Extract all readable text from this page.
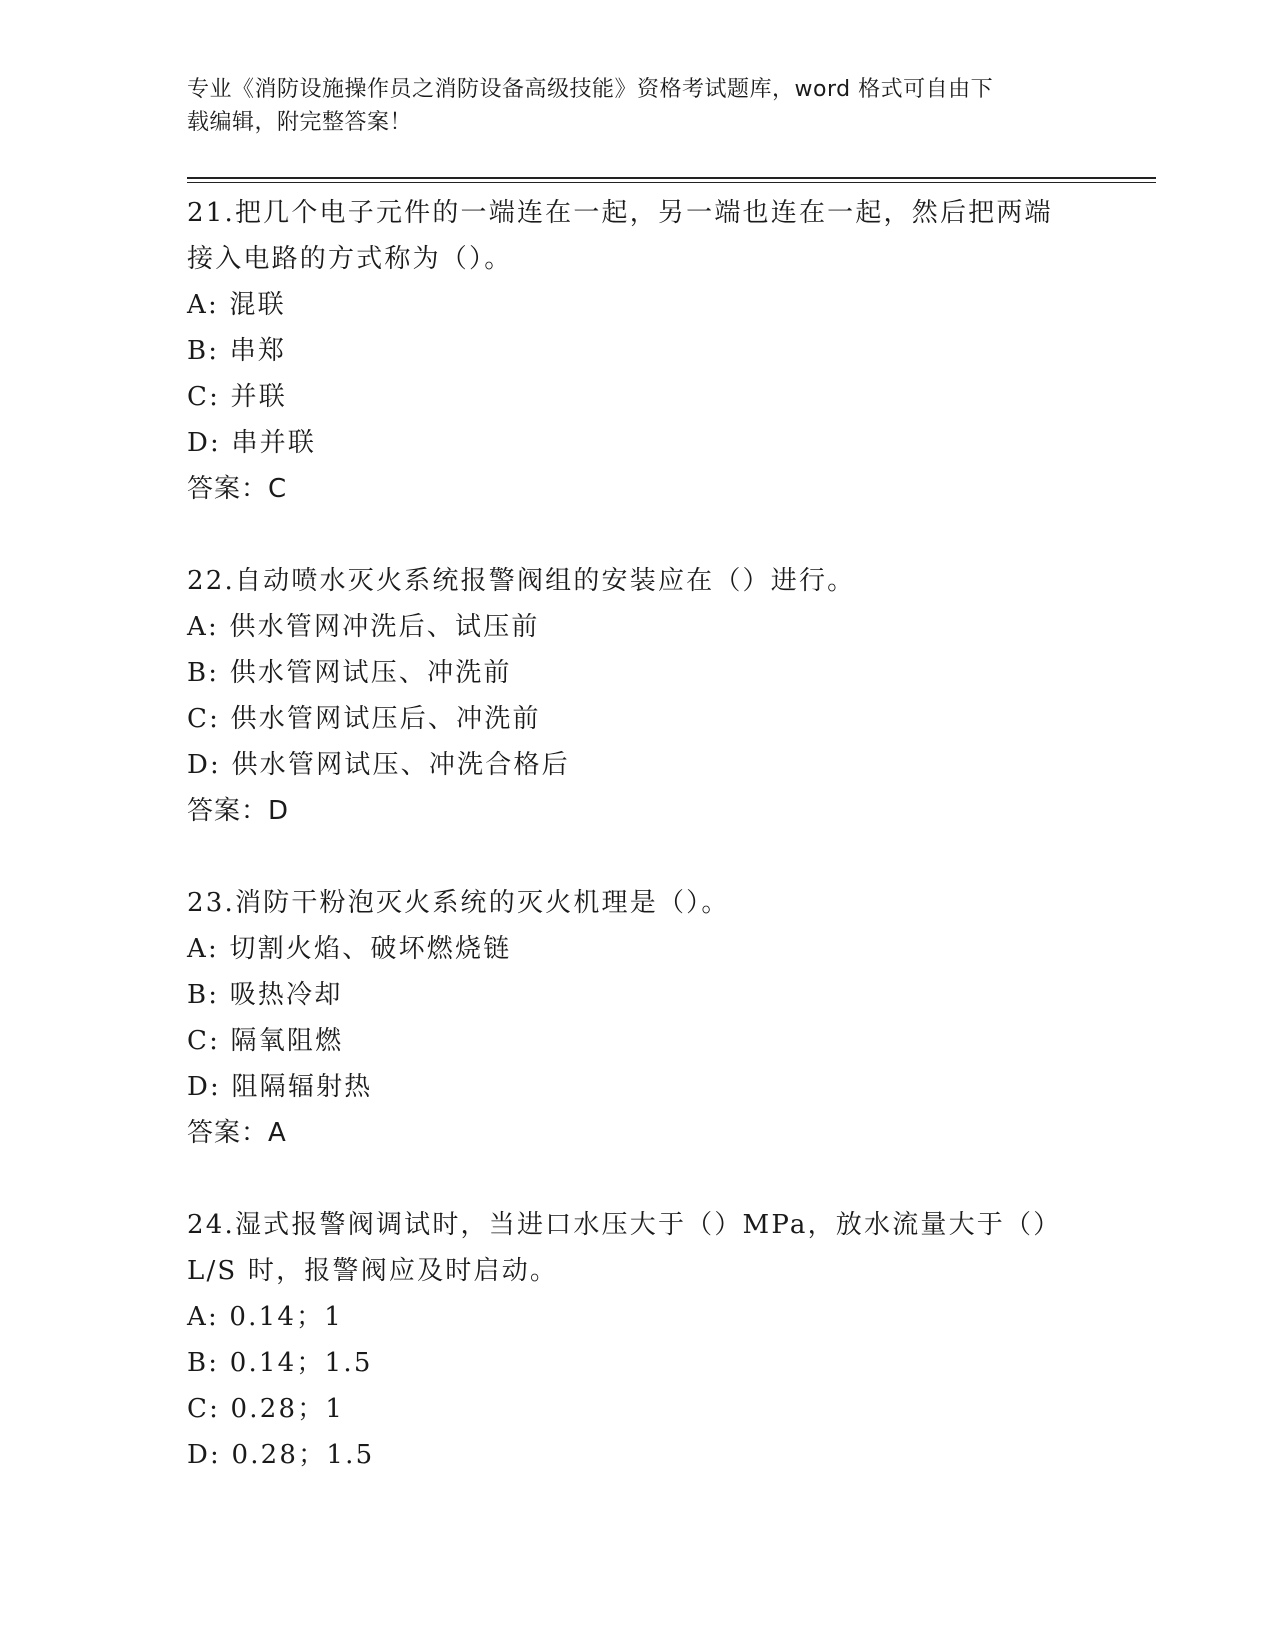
专业《消防设施操作员之消防设备高级技能》资格考试题库，word 格式可自由下
载编辑，附完整答案！
21.把几个电子元件的一端连在一起，另一端也连在一起，然后把两端
接入电路的方式称为（）。
A: 混联
B: 串郑
C: 并联
D: 串并联
答案：C
22.自动喷水灭火系统报警阀组的安装应在（）进行。
A: 供水管网冲洗后、试压前
B: 供水管网试压、冲洗前
C: 供水管网试压后、冲洗前
D: 供水管网试压、冲洗合格后
答案：D
23.消防干粉泡灭火系统的灭火机理是（）。
A: 切割火焰、破坏燃烧链
B: 吸热冷却
C: 隔氧阻燃
D: 阻隔辐射热
答案：A
24.湿式报警阀调试时，当进口水压大于（）MPa，放水流量大于（）
L/S 时，报警阀应及时启动。
A: 0.14；1
B: 0.14；1.5
C: 0.28；1
D: 0.28；1.5
